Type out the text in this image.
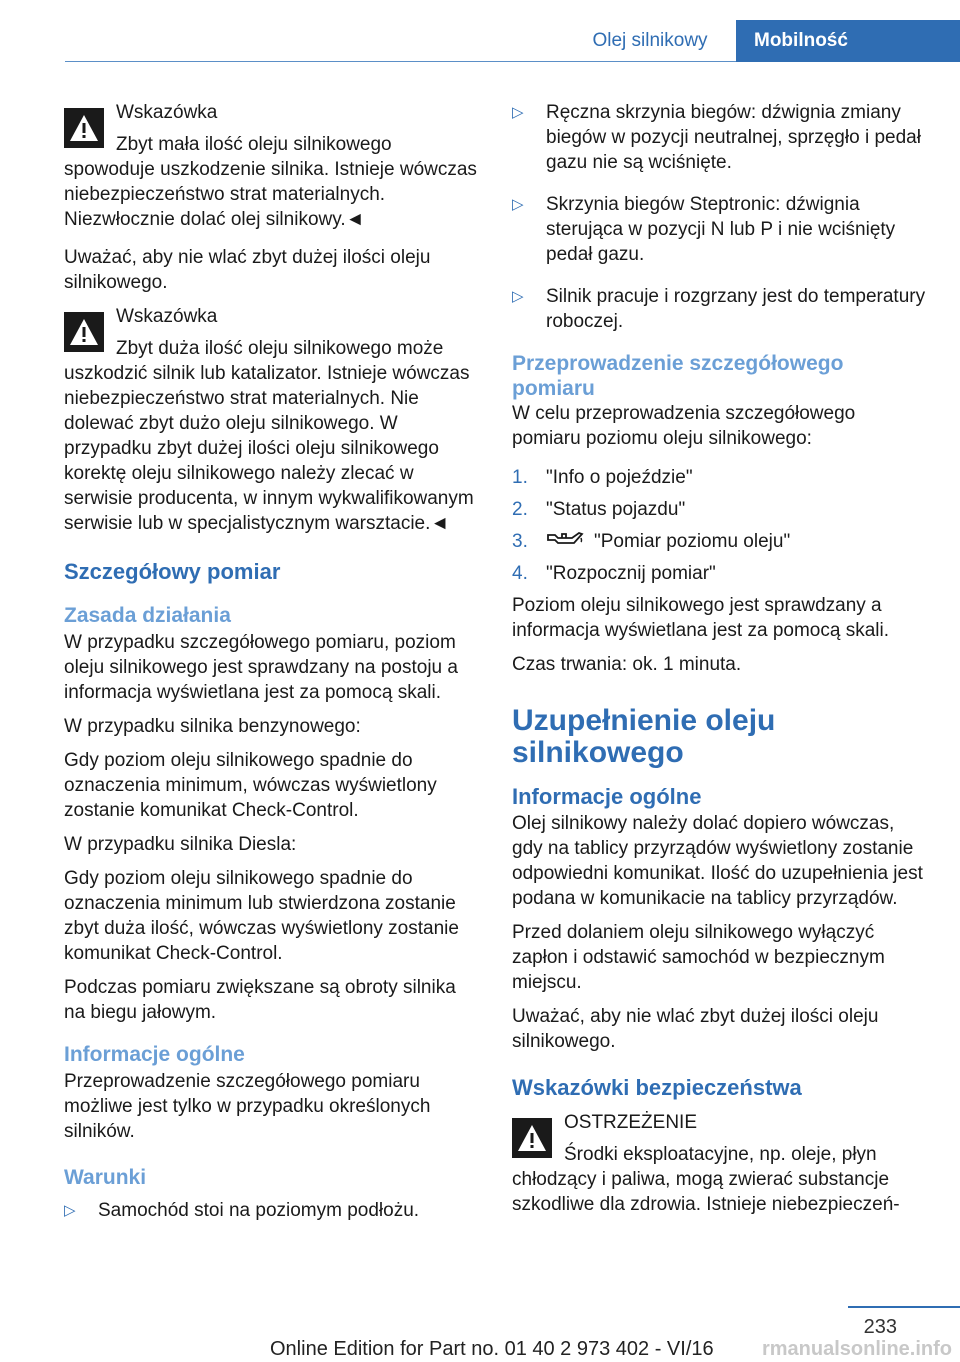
Olej silnikowy	Mobilność
Wskazówka
Zbyt mała ilość oleju silnikowego spowoduje uszkodzenie silnika. Istnieje wówczas niebezpieczeństwo strat materialnych. Niezwłocznie dolać olej silnikowy.◄

Uważać, aby nie wlać zbyt dużej ilości oleju silnikowego.

Wskazówka
Zbyt duża ilość oleju silnikowego może uszkodzić silnik lub katalizator. Istnieje wówczas niebezpieczeństwo strat materialnych. Nie dolewać zbyt dużo oleju silnikowego. W przypadku zbyt dużej ilości oleju silnikowego korektę oleju silnikowego należy zlecać w serwisie producenta, w innym wykwalifikowanym serwisie lub w specjalistycznym warsztacie.◄
Szczegółowy pomiar
Zasada działania

W przypadku szczegółowego pomiaru, poziom oleju silnikowego jest sprawdzany na postoju a informacja wyświetlana jest za pomocą skali.

W przypadku silnika benzynowego:

Gdy poziom oleju silnikowego spadnie do oznaczenia minimum, wówczas wyświetlony zostanie komunikat Check-Control.

W przypadku silnika Diesla:

Gdy poziom oleju silnikowego spadnie do oznaczenia minimum lub stwierdzona zostanie zbyt duża ilość, wówczas wyświetlony zostanie komunikat Check-Control.

Podczas pomiaru zwiększane są obroty silnika na biegu jałowym.

Informacje ogólne

Przeprowadzenie szczegółowego pomiaru możliwe jest tylko w przypadku określonych silników.

Warunki
▷ Samochód stoi na poziomym podłożu.
▷ Ręczna skrzynia biegów: dźwignia zmiany biegów w pozycji neutralnej, sprzęgło i pedał gazu nie są wciśnięte.
▷ Skrzynia biegów Steptronic: dźwignia sterująca w pozycji N lub P i nie wciśnięty pedał gazu.
▷ Silnik pracuje i rozgrzany jest do temperatury roboczej.
Przeprowadzenie szczegółowego pomiaru

W celu przeprowadzenia szczegółowego pomiaru poziomu oleju silnikowego:

1. "Info o pojeździe"
2. "Status pojazdu"
3.	"Pomiar poziomu oleju"
4. "Rozpocznij pomiar"

Poziom oleju silnikowego jest sprawdzany a informacja wyświetlana jest za pomocą skali.

Czas trwania: ok. 1 minuta.

Uzupełnienie oleju silnikowego
Informacje ogólne

Olej silnikowy należy dolać dopiero wówczas, gdy na tablicy przyrządów wyświetlony zostanie odpowiedni komunikat. Ilość do uzupełnienia jest podana w komunikacie na tablicy przyrządów.

Przed dolaniem oleju silnikowego wyłączyć zapłon i odstawić samochód w bezpiecznym miejscu.

Uważać, aby nie wlać zbyt dużej ilości oleju silnikowego.

Wskazówki bezpieczeństwa
OSTRZEŻENIE
Środki eksploatacyjne, np. oleje, płyn chłodzący i paliwa, mogą zwierać substancje szkodliwe dla zdrowia. Istnieje niebezpieczeń-
233
Online Edition for Part no. 01 40 2 973 402 - VI/16 rmanualsonline.info
